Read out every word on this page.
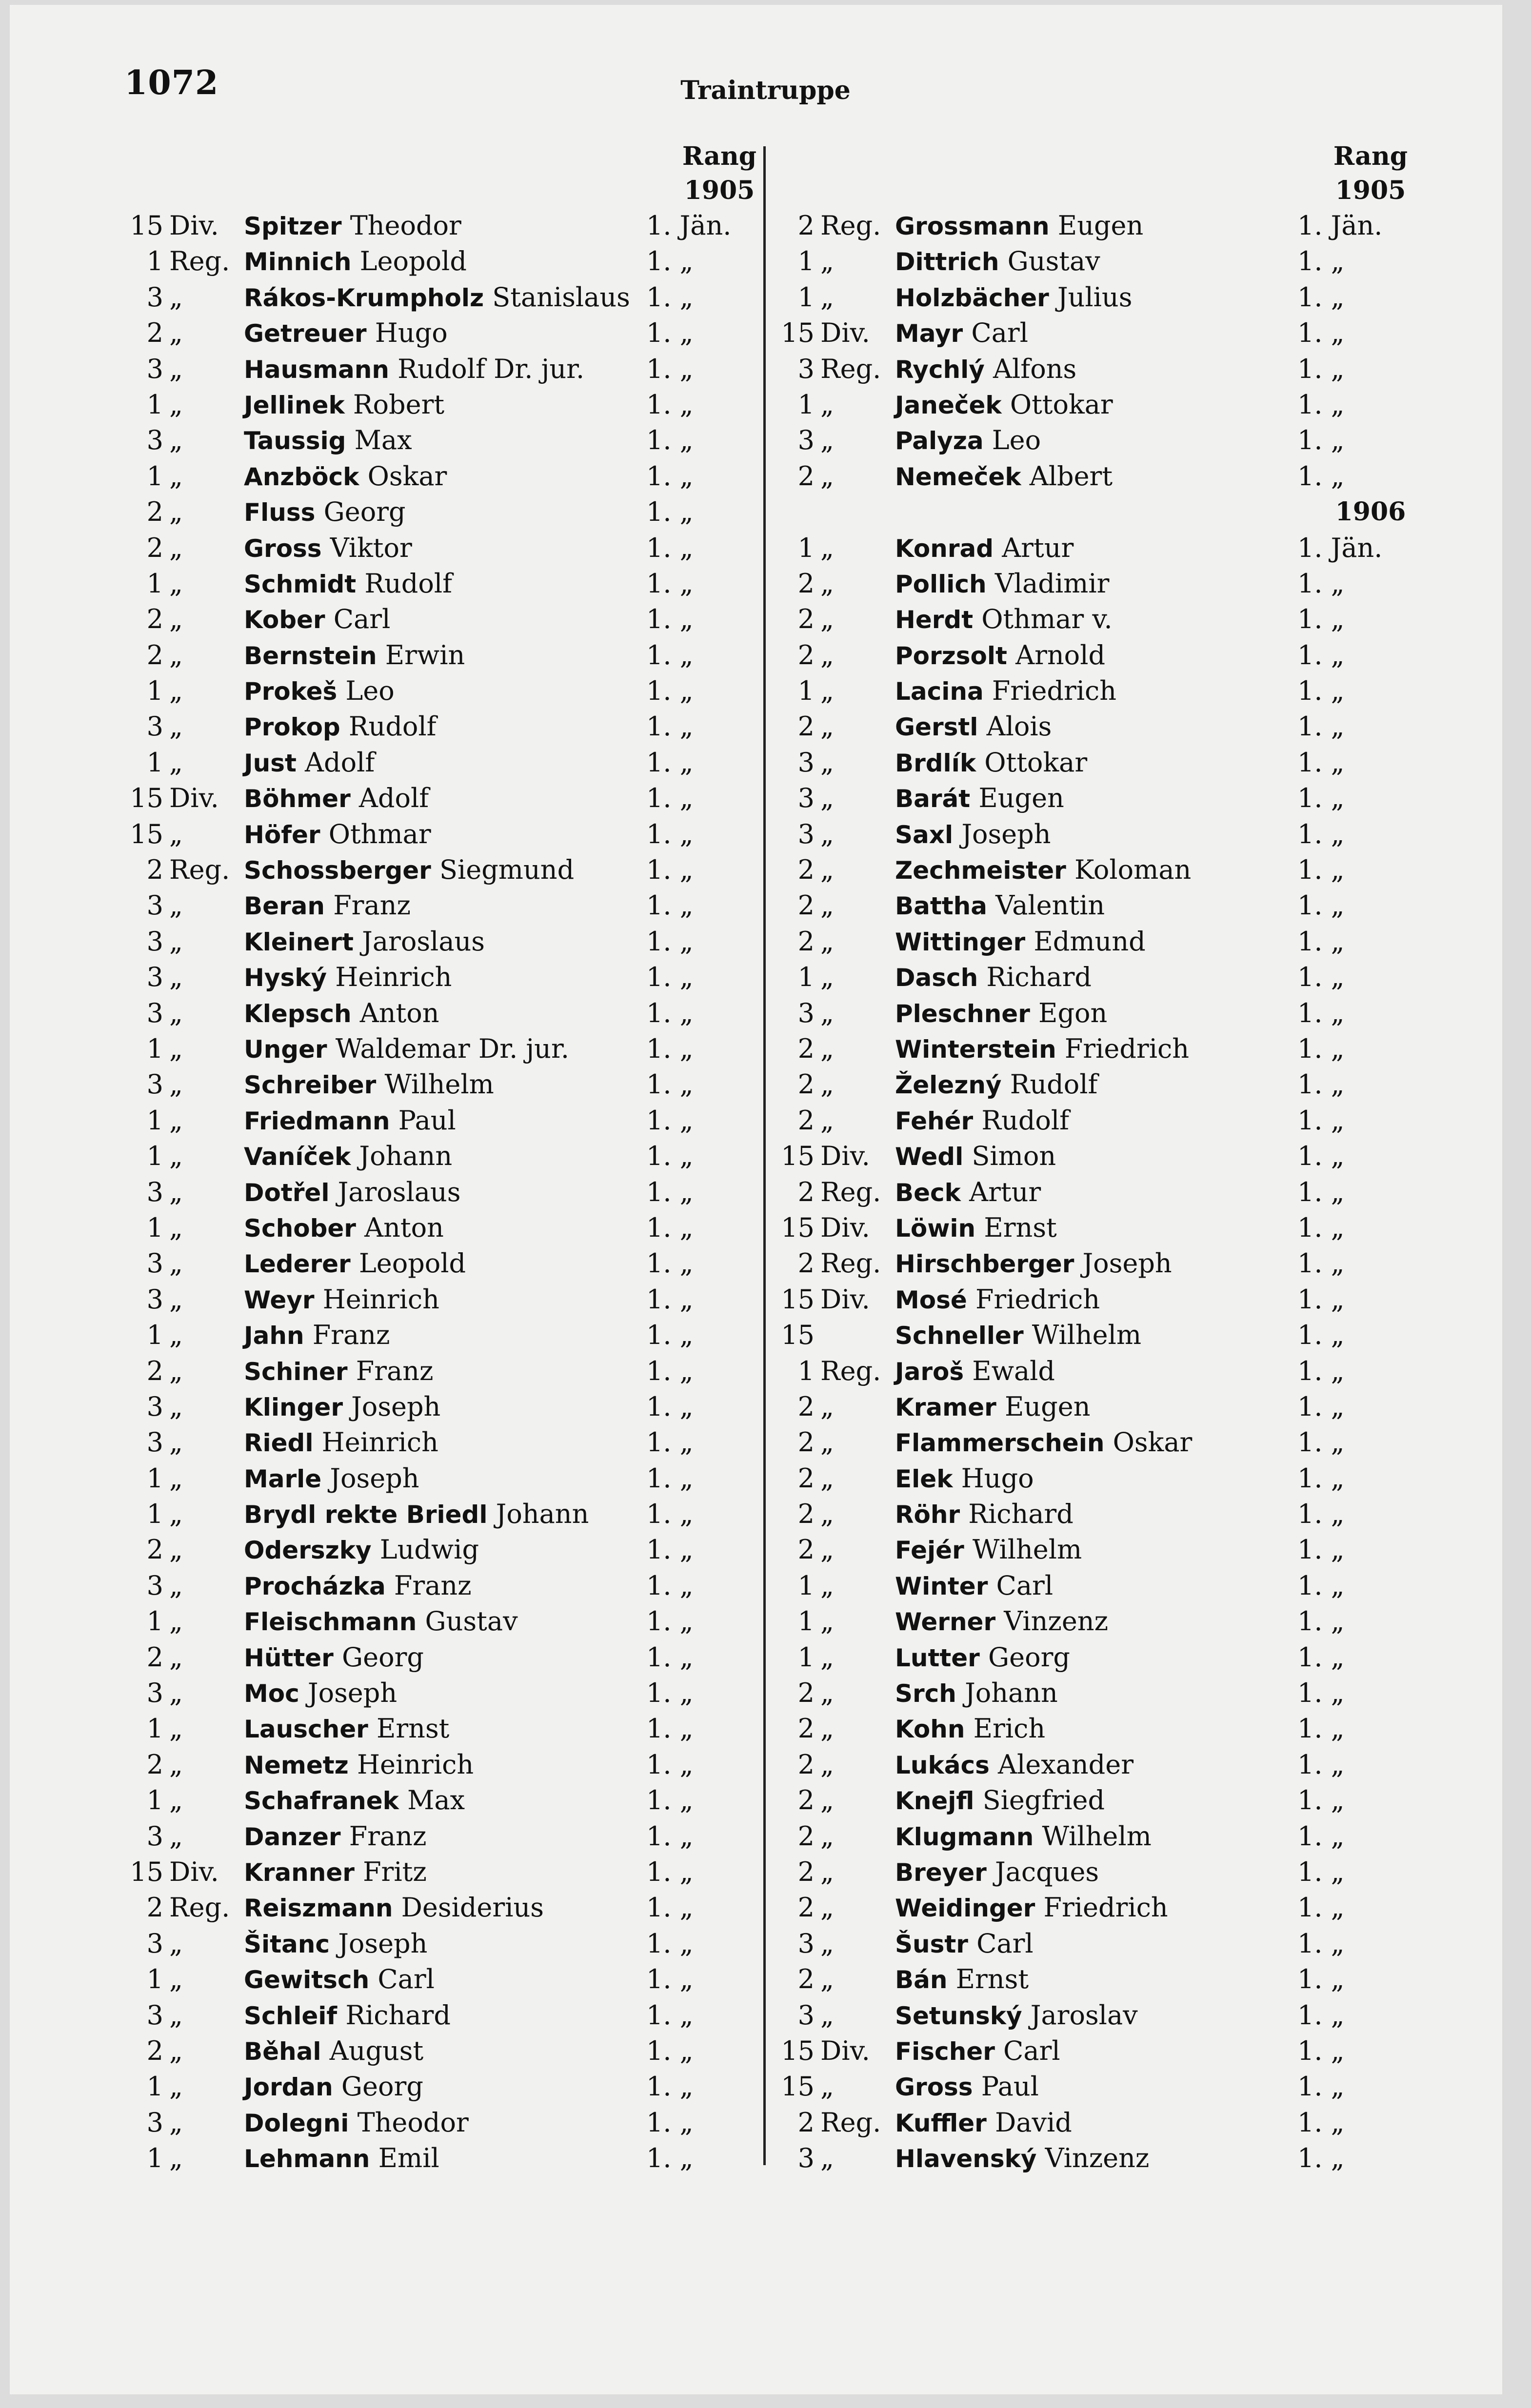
1072	Traintruppe
Rang
1905
15 Div.	Spitzer Theodor	1. Jän.
1 Reg. Minnich Leopold	1. „
3 „	Rákos-Krumpholz Stanislaus 1. „
2 „	Getreuer Hugo	1. „
3 „	Hausmann Rudolf Dr. jur. 1. „
1 „	Jellinek Robert	1. „
3 „	Taussig Max	1. „
1 „	Anzböck Oskar	1. „
2 „	Fluss Georg	1. „
2 „	Gross Viktor	1. „
1 „	Schmidt Rudolf	1. „
2 „	Kober Carl	1. „
2 „	Bernstein Erwin	1. „
1 „	Prokeš Leo	1. „
3 „	Prokop Rudolf	1. „
1 „	Just Adolf	1. „
15 Div.	Böhmer Adolf	1. „
15 „	Höfer Othmar	1. „
2 Reg. Schossberger Siegmund	1. „
3 „	Beran Franz	1. „
3 „	Kleinert Jaroslaus	1. „
3 „	Hyský Heinrich	1. „
3 „	Klepsch Anton	1. „
1 „	Unger Waldemar Dr. jur.	1. „
3 „	Schreiber Wilhelm	1. „
1 „	Friedmann Paul	1. „
1 „	Vaníček Johann	1. „
3 „	Dotřel Jaroslaus	1. „
1 „	Schober Anton	1. „
3 „	Lederer Leopold	1. „
3 „	Weyr Heinrich	1. „
1 „	Jahn Franz	1. „
2 „	Schiner Franz	1. „
3 „	Klinger Joseph	1. „
3 „	Riedl Heinrich	1. „
1 „	Marle Joseph	1. „
1 „	Brydl rekte Briedl Johann 1. „
2 „	Oderszky Ludwig	1. „
3 „	Procházka Franz	1. „
1 „	Fleischmann Gustav	1. „
2 „	Hütter Georg	1. „
3 „	Moc Joseph	1. „
1 „	Lauscher Ernst	1. „
2 „	Nemetz Heinrich	1. „
1 „	Schafranek Max	1. „
3 „	Danzer Franz	1. „
15 Div.	Kranner Fritz	1. „
2 Reg. Reiszmann Desiderius	1. „
3 „	Šitanc Joseph	1. „
1 „	Gewitsch Carl	1. „
3 „	Schleif Richard	1. „
2 „	Běhal August	1. „
1 „	Jordan Georg	1. „
3 „	Dolegni Theodor	1. „
1 „	Lehmann Emil	1. „
Rang
1905
2 Reg. Grossmann Eugen	1. Jän.
1 „	Dittrich Gustav	1. „
1 „	Holzbächer Julius	1. „
15 Div.	Mayr Carl	1. „
3 Reg. Rychlý Alfons	1. „
1 „	Janeček Ottokar	1. „
3 „	Palyza Leo	1. „
2 „	Nemeček Albert	1. „
1906
1 „	Konrad Artur	1. Jän.
2 „	Pollich Vladimir	1. „
2 „	Herdt Othmar v.	1. „
2 „	Porzsolt Arnold	1. „
1 „	Lacina Friedrich	1. „
2 „	Gerstl Alois	1. „
3 „	Brdlík Ottokar	1. „
3 „	Barát Eugen	1. „
3 „	Saxl Joseph	1. „
2 „	Zechmeister Koloman	1. „
2 „	Battha Valentin	1. „
2 „	Wittinger Edmund	1. „
1 „	Dasch Richard	1. „
3 „	Pleschner Egon	1. „
2 „	Winterstein Friedrich	1. „
2 „	Železný Rudolf	1. „
2 „	Fehér Rudolf	1. „
15 Div.	Wedl Simon	1. „
2 Reg. Beck Artur	1. „
15 Div.	Löwin Ernst	1. „
2 Reg. Hirschberger Joseph	1. „
15 Div.	Mosé Friedrich	1. „
15	Schneller Wilhelm	1. „
1 Reg. Jaroš Ewald	1. „
2 „	Kramer Eugen	1. „
2 „	Flammerschein Oskar	1. „
2 „	Elek Hugo	1. „
2 „	Röhr Richard	1. „
2 „	Fejér Wilhelm	1. „
1 „	Winter Carl	1. „
1 „	Werner Vinzenz	1. „
1 „	Lutter Georg	1. „
2 „	Srch Johann	1. „
2 „	Kohn Erich	1. „
2 „	Lukács Alexander	1. „
2 „	Knejfl Siegfried	1. „
2 „	Klugmann Wilhelm	1. „
2 „	Breyer Jacques	1. „
2 „	Weidinger Friedrich	1. „
3 „	Šustr Carl	1. „
2 „	Bán Ernst	1. „
3 „	Setunský Jaroslav	1. „
15 Div.	Fischer Carl	1. „
15 „	Gross Paul	1. „
2 Reg. Kuffler David	1. „
3 „	Hlavenský Vinzenz	1. „
